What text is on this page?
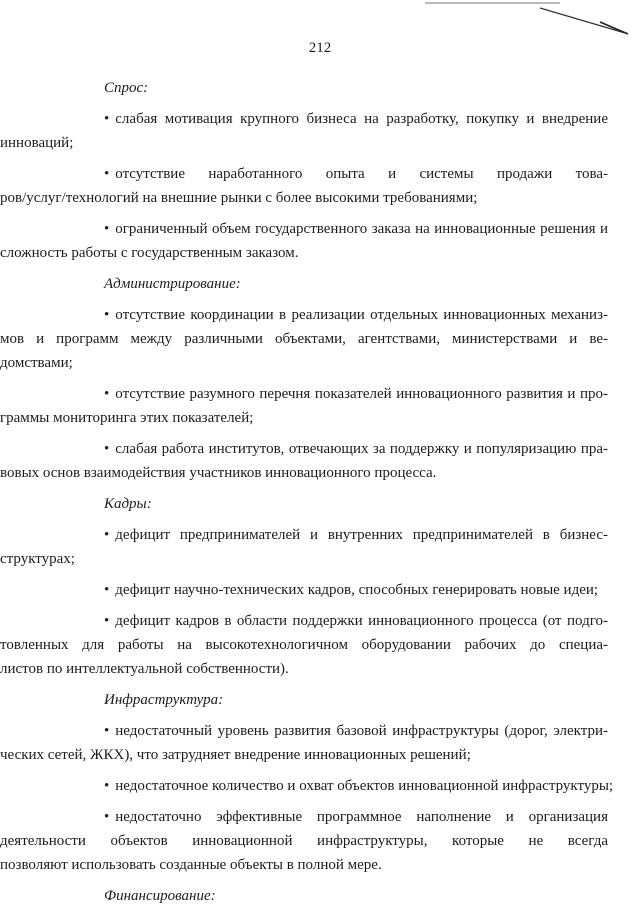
212
Спрос:
• слабая мотивация крупного бизнеса на разработку, покупку и внедрение
инноваций;
• отсутствие наработанного опыта и системы продажи това-
ров/услуг/технологий на внешние рынки с более высокими требованиями;
• ограниченный объем государственного заказа на инновационные решения и
сложность работы с государственным заказом.
Администрирование:
• отсутствие координации в реализации отдельных инновационных механиз-
мов и программ между различными объектами, агентствами, министерствами и ве-
домствами;
• отсутствие разумного перечня показателей инновационного развития и про-
граммы мониторинга этих показателей;
• слабая работа институтов, отвечающих за поддержку и популяризацию пра-
вовых основ взаимодействия участников инновационного процесса.
Кадры:
• дефицит предпринимателей и внутренних предпринимателей в бизнес-
структурах;
• дефицит научно-технических кадров, способных генерировать новые идеи;
• дефицит кадров в области поддержки инновационного процесса (от подго-
товленных для работы на высокотехнологичном оборудовании рабочих до специа-
листов по интеллектуальной собственности).
Инфраструктура:
• недостаточный уровень развития базовой инфраструктуры (дорог, электри-
ческих сетей, ЖКХ), что затрудняет внедрение инновационных решений;
• недостаточное количество и охват объектов инновационной инфраструктуры;
• недостаточно эффективные программное наполнение и организация
деятельности объектов инновационной инфраструктуры, которые не всегда
позволяют использовать созданные объекты в полной мере.
Финансирование:
